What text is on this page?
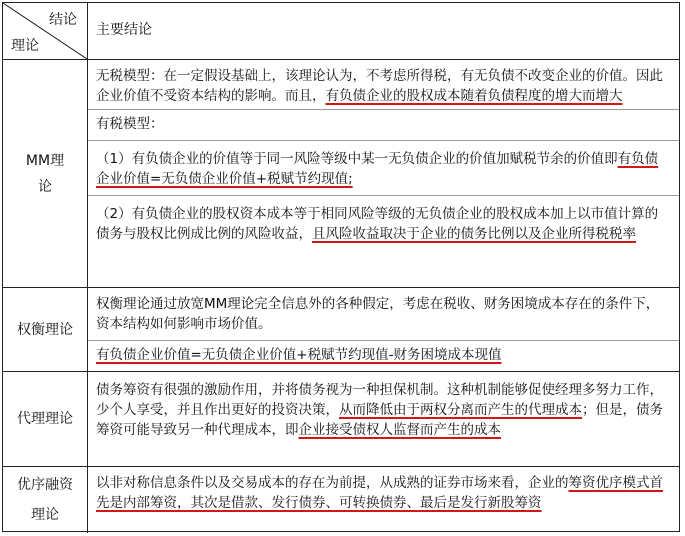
结论
理论
主要结论
MM理
论

无税模型：在一定假设基础上，该理论认为，不考虑所得税，有无负债不改变企业的价值。因此企业价值不受资本结构的影响。而且，有负债企业的股权成本随着负债程度的增大而增大

有税模型：

（1）有负债企业的价值等于同一风险等级中某一无负债企业的价值加赋税节余的价值即有负债企业价值=无负债企业价值+税赋节约现值;

（2）有负债企业的股权资本成本等于相同风险等级的无负债企业的股权成本加上以市值计算的债务与股权比例成比例的风险收益，且风险收益取决于企业的债务比例以及企业所得税税率

权衡理论

权衡理论通过放宽MM理论完全信息外的各种假定，考虑在税收、财务困境成本存在的条件下，资本结构如何影响市场价值。

有负债企业价值=无负债企业价值+税赋节约现值-财务困境成本现值

代理理论

债务筹资有很强的激励作用，并将债务视为一种担保机制。这种机制能够促使经理多努力工作，少个人享受，并且作出更好的投资决策，从而降低由于两权分离而产生的代理成本；但是，债务筹资可能导致另一种代理成本，即企业接受债权人监督而产生的成本

优序融资
理论

以非对称信息条件以及交易成本的存在为前提，从成熟的证券市场来看，企业的筹资优序模式首先是内部筹资，其次是借款、发行债券、可转换债券、最后是发行新股筹资
